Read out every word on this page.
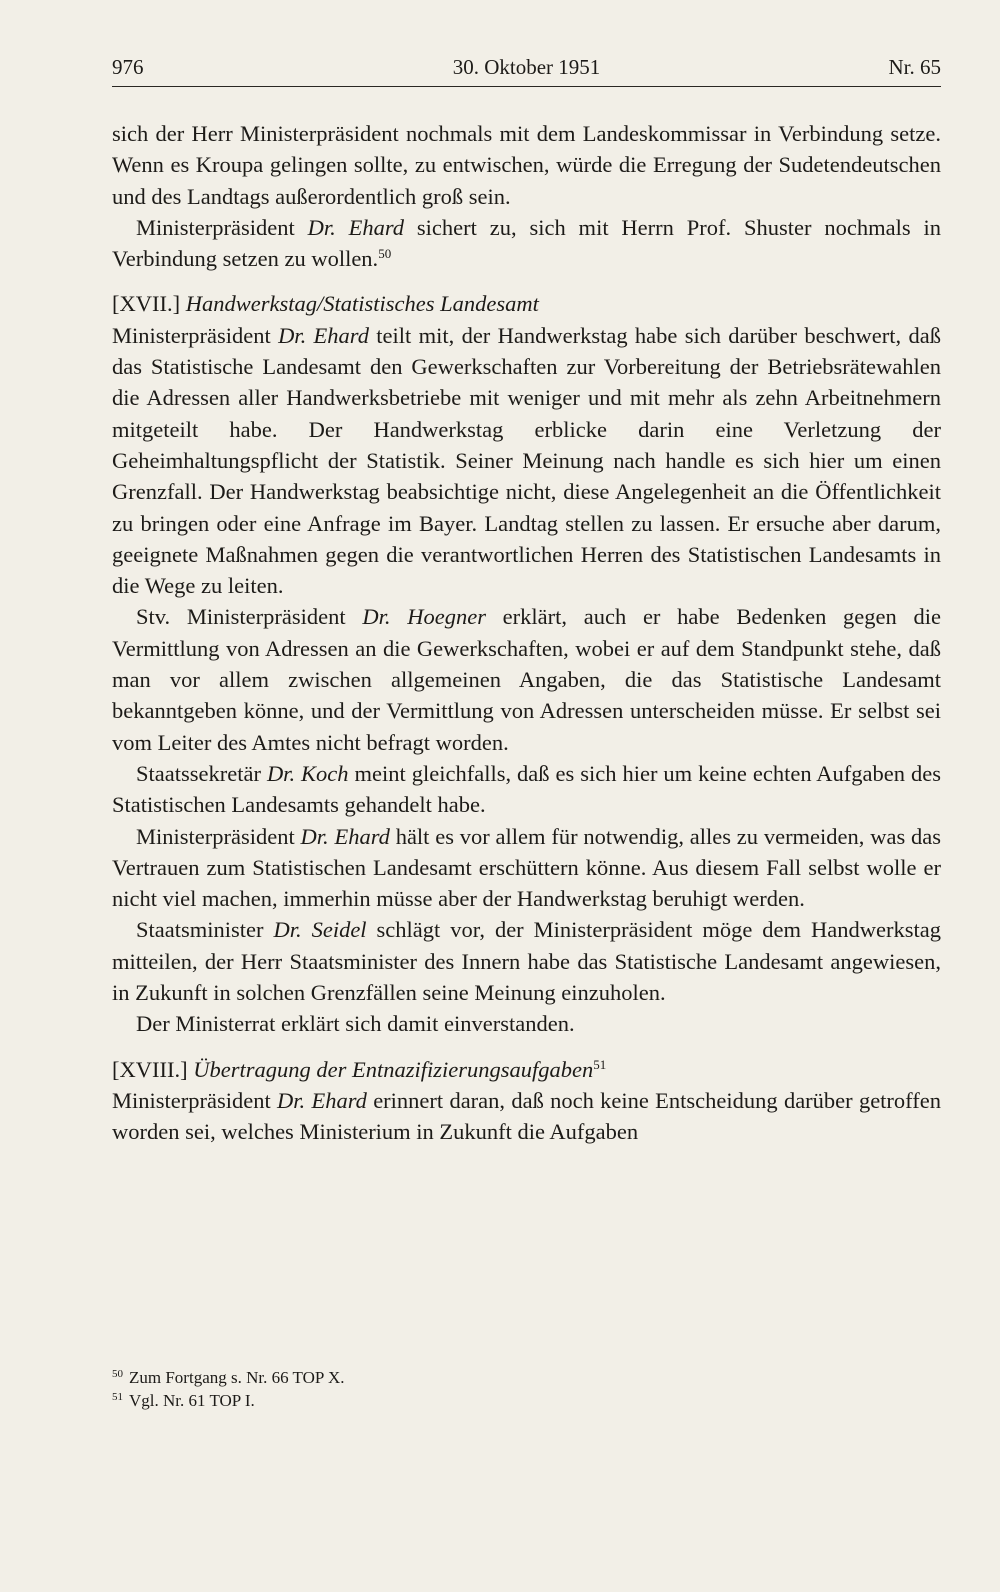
976	30. Oktober 1951	Nr. 65

sich der Herr Ministerpräsident nochmals mit dem Landeskommissar in Verbindung setze. Wenn es Kroupa gelingen sollte, zu entwischen, würde die Erregung der Sudetendeutschen und des Landtags außerordentlich groß sein.

Ministerpräsident Dr. Ehard sichert zu, sich mit Herrn Prof. Shuster nochmals in Verbindung setzen zu wollen.$^{50}$

[XVII.] Handwerkstag/Statistisches Landesamt

Ministerpräsident Dr. Ehard teilt mit, der Handwerkstag habe sich darüber beschwert, daß das Statistische Landesamt den Gewerkschaften zur Vorbereitung der Betriebsrätewahlen die Adressen aller Handwerksbetriebe mit weniger und mit mehr als zehn Arbeitnehmern mitgeteilt habe. Der Handwerkstag erblicke darin eine Verletzung der Geheimhaltungspflicht der Statistik. Seiner Meinung nach handle es sich hier um einen Grenzfall. Der Handwerkstag beabsichtige nicht, diese Angelegenheit an die Öffentlichkeit zu bringen oder eine Anfrage im Bayer. Landtag stellen zu lassen. Er ersuche aber darum, geeignete Maßnahmen gegen die verantwortlichen Herren des Statistischen Landesamts in die Wege zu leiten.

Stv. Ministerpräsident Dr. Hoegner erklärt, auch er habe Bedenken gegen die Vermittlung von Adressen an die Gewerkschaften, wobei er auf dem Standpunkt stehe, daß man vor allem zwischen allgemeinen Angaben, die das Statistische Landesamt bekanntgeben könne, und der Vermittlung von Adressen unterscheiden müsse. Er selbst sei vom Leiter des Amtes nicht befragt worden.

Staatssekretär Dr. Koch meint gleichfalls, daß es sich hier um keine echten Aufgaben des Statistischen Landesamts gehandelt habe.

Ministerpräsident Dr. Ehard hält es vor allem für notwendig, alles zu vermeiden, was das Vertrauen zum Statistischen Landesamt erschüttern könne. Aus diesem Fall selbst wolle er nicht viel machen, immerhin müsse aber der Handwerkstag beruhigt werden.

Staatsminister Dr. Seidel schlägt vor, der Ministerpräsident möge dem Handwerkstag mitteilen, der Herr Staatsminister des Innern habe das Statistische Landesamt angewiesen, in Zukunft in solchen Grenzfällen seine Meinung einzuholen.

Der Ministerrat erklärt sich damit einverstanden.

[XVIII.] Übertragung der Entnazifizierungsaufgaben$^{51}$

Ministerpräsident Dr. Ehard erinnert daran, daß noch keine Entscheidung darüber getroffen worden sei, welches Ministerium in Zukunft die Aufgaben

$^{50}$ Zum Fortgang s. Nr. 66 TOP X.

$^{51}$ Vgl. Nr. 61 TOP I.
